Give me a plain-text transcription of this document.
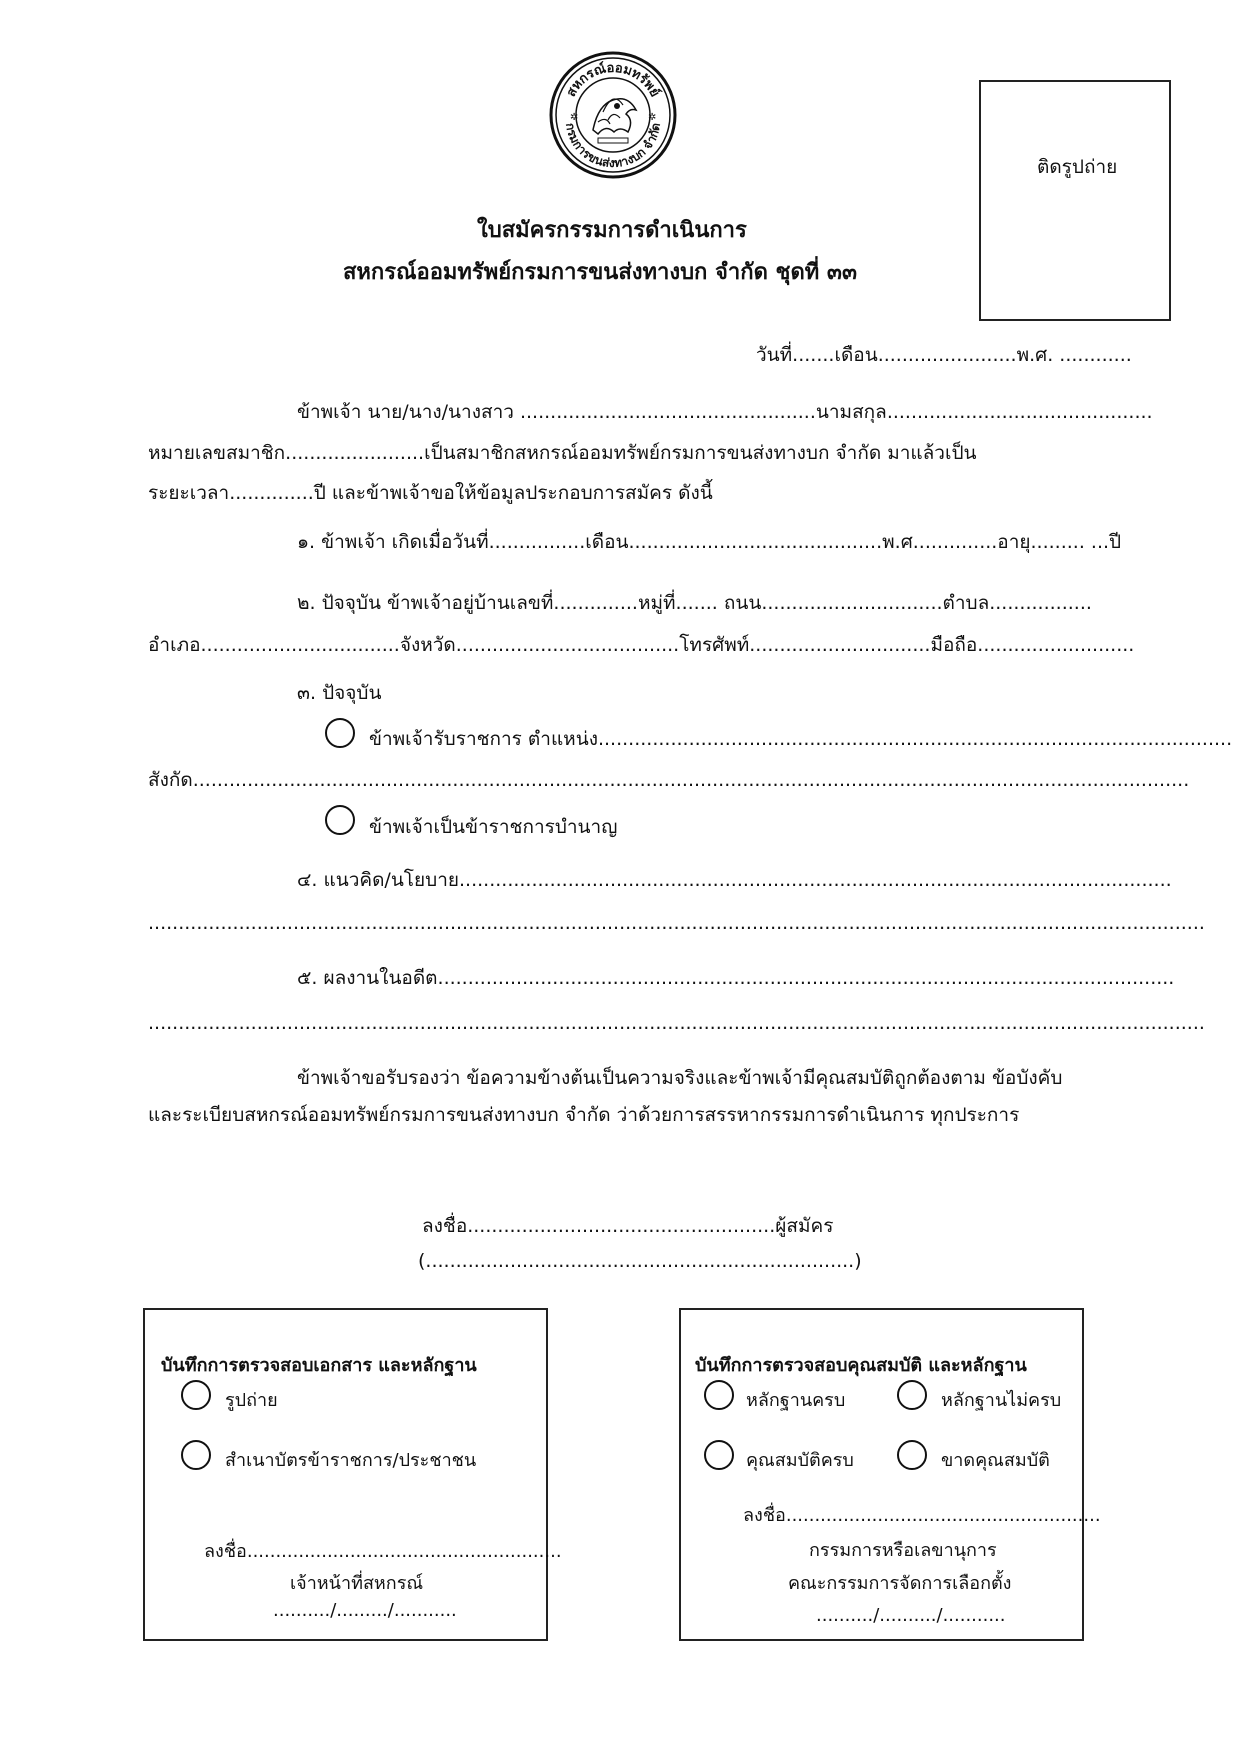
สหกรณ์ออมทรัพย์
กรมการขนส่งทางบก จำกัด
✲	✲
ติดรูปถ่าย
ใบสมัครกรรมการดำเนินการ
สหกรณ์ออมทรัพย์กรมการขนส่งทางบก จำกัด ชุดที่ ๓๓
วันที่.......เดือน.......................พ.ศ. ............
ข้าพเจ้า นาย/นาง/นางสาว .................................................นามสกุล............................................
หมายเลขสมาชิก.......................เป็นสมาชิกสหกรณ์ออมทรัพย์กรมการขนส่งทางบก จำกัด มาแล้วเป็น
ระยะเวลา..............ปี และข้าพเจ้าขอให้ข้อมูลประกอบการสมัคร ดังนี้
๑. ข้าพเจ้า เกิดเมื่อวันที่................เดือน..........................................พ.ศ..............อายุ......... ...ปี
๒. ปัจจุบัน ข้าพเจ้าอยู่บ้านเลขที่..............หมู่ที่....... ถนน..............................ตำบล.................
อำเภอ.................................จังหวัด.....................................โทรศัพท์..............................มือถือ..........................
๓. ปัจจุบัน
ข้าพเจ้ารับราชการ ตำแหน่ง.........................................................................................................
สังกัด.....................................................................................................................................................................
ข้าพเจ้าเป็นข้าราชการบำนาญ
๔. แนวคิด/นโยบาย......................................................................................................................
...............................................................................................................................................................................
๕. ผลงานในอดีต..........................................................................................................................
...............................................................................................................................................................................
ข้าพเจ้าขอรับรองว่า ข้อความข้างต้นเป็นความจริงและข้าพเจ้ามีคุณสมบัติถูกต้องตาม ข้อบังคับ
และระเบียบสหกรณ์ออมทรัพย์กรมการขนส่งทางบก จำกัด ว่าด้วยการสรรหากรรมการดำเนินการ ทุกประการ
ลงชื่อ...................................................ผู้สมัคร
(.......................................................................)
บันทึกการตรวจสอบเอกสาร และหลักฐาน
รูปถ่าย
สำเนาบัตรข้าราชการ/ประชาชน
ลงชื่อ.......................................................
เจ้าหน้าที่สหกรณ์
........../........./...........
บันทึกการตรวจสอบคุณสมบัติ และหลักฐาน
หลักฐานครบ	หลักฐานไม่ครบ
คุณสมบัติครบ	ขาดคุณสมบัติ
ลงชื่อ.......................................................
กรรมการหรือเลขานุการ
คณะกรรมการจัดการเลือกตั้ง
........../........../...........
